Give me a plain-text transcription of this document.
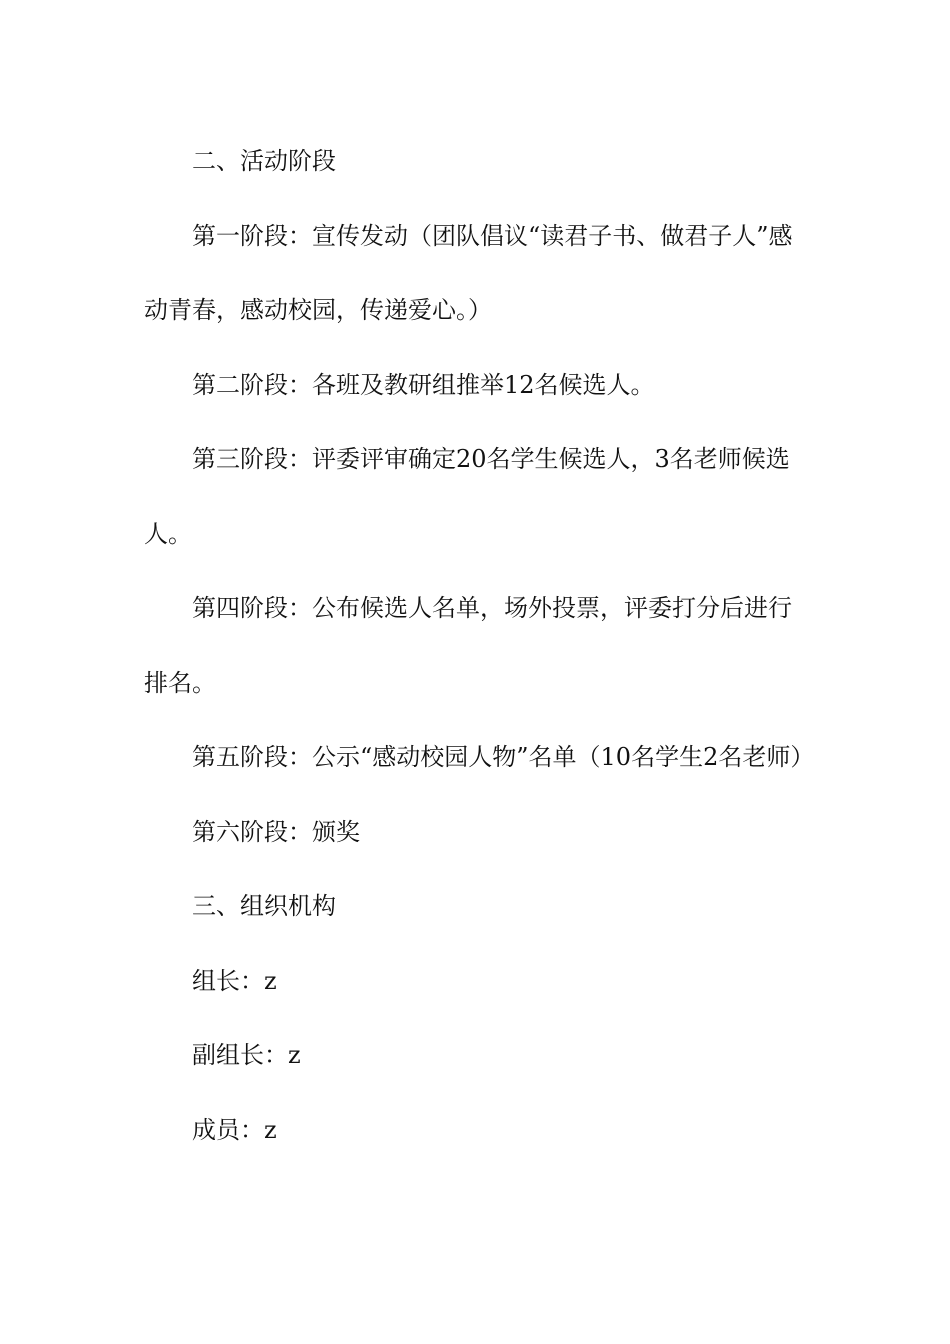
二、活动阶段

第一阶段：宣传发动（团队倡议“读君子书、做君子人”感动青春，感动校园，传递爱心。）

第二阶段：各班及教研组推举12名候选人。

第三阶段：评委评审确定20名学生候选人，3名老师候选人。

第四阶段：公布候选人名单，场外投票，评委打分后进行排名。

第五阶段：公示“感动校园人物”名单（10名学生2名老师）

第六阶段：颁奖

三、组织机构

组长：z

副组长：z

成员：z
